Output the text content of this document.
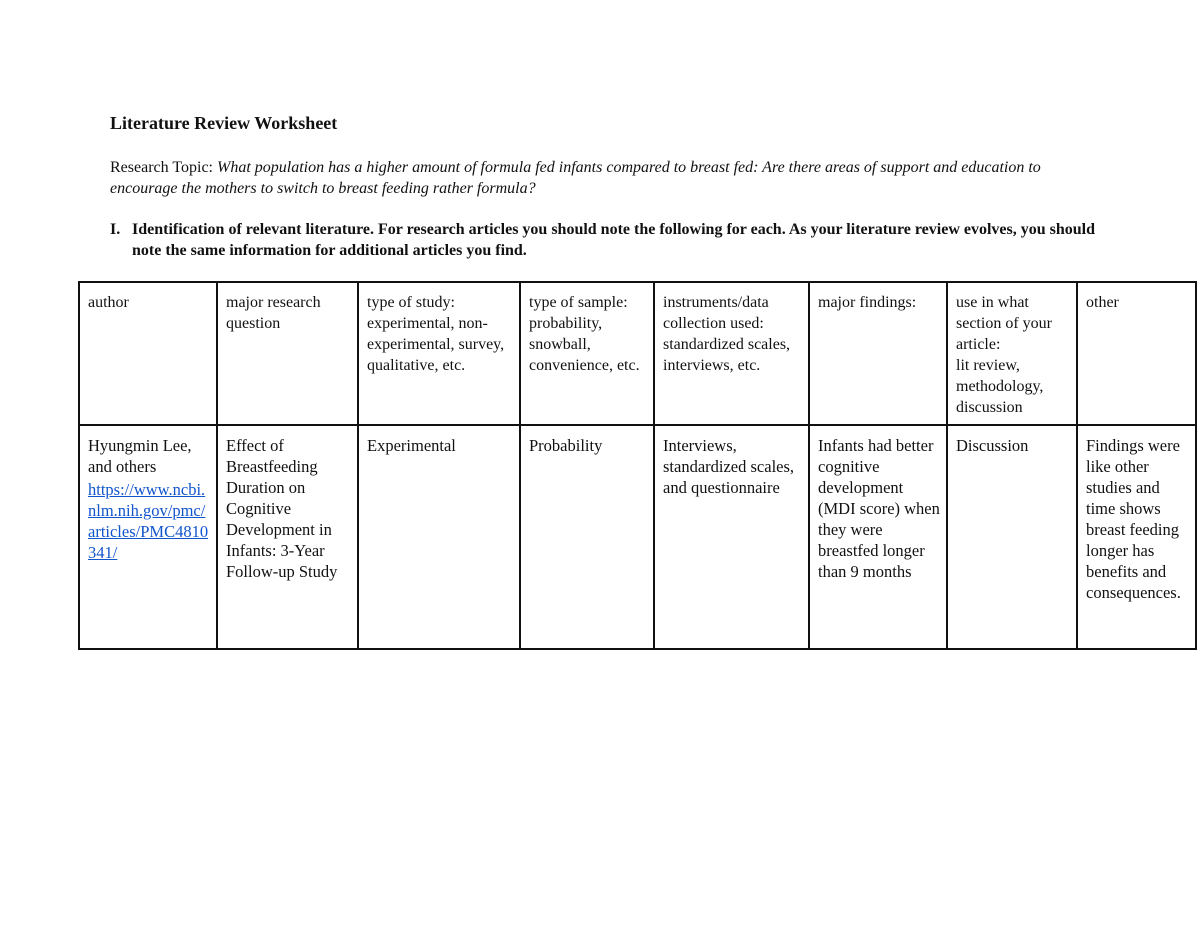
Literature Review Worksheet
Research Topic: What population has a higher amount of formula fed infants compared to breast fed: Are there areas of support and education to encourage the mothers to switch to breast feeding rather formula?
I. Identification of relevant literature. For research articles you should note the following for each. As your literature review evolves, you should note the same information for additional articles you find.
author	major research question	type of study: experimental, non-experimental, survey, qualitative, etc.	type of sample: probability, snowball, convenience, etc.	instruments/data collection used: standardized scales, interviews, etc.	major findings:	use in what section of your article:
lit review,
methodology,
discussion	other

Hyungmin Lee, and others
https://www.ncbi.nlm.nih.gov/pmc/articles/PMC4810341/	Effect of Breastfeeding Duration on Cognitive Development in Infants: 3-Year Follow-up Study	Experimental	Probability	Interviews, standardized scales, and questionnaire	Infants had better cognitive development (MDI score) when they were breastfed longer than 9 months	Discussion	Findings were like other studies and time shows breast feeding longer has benefits and consequences.
